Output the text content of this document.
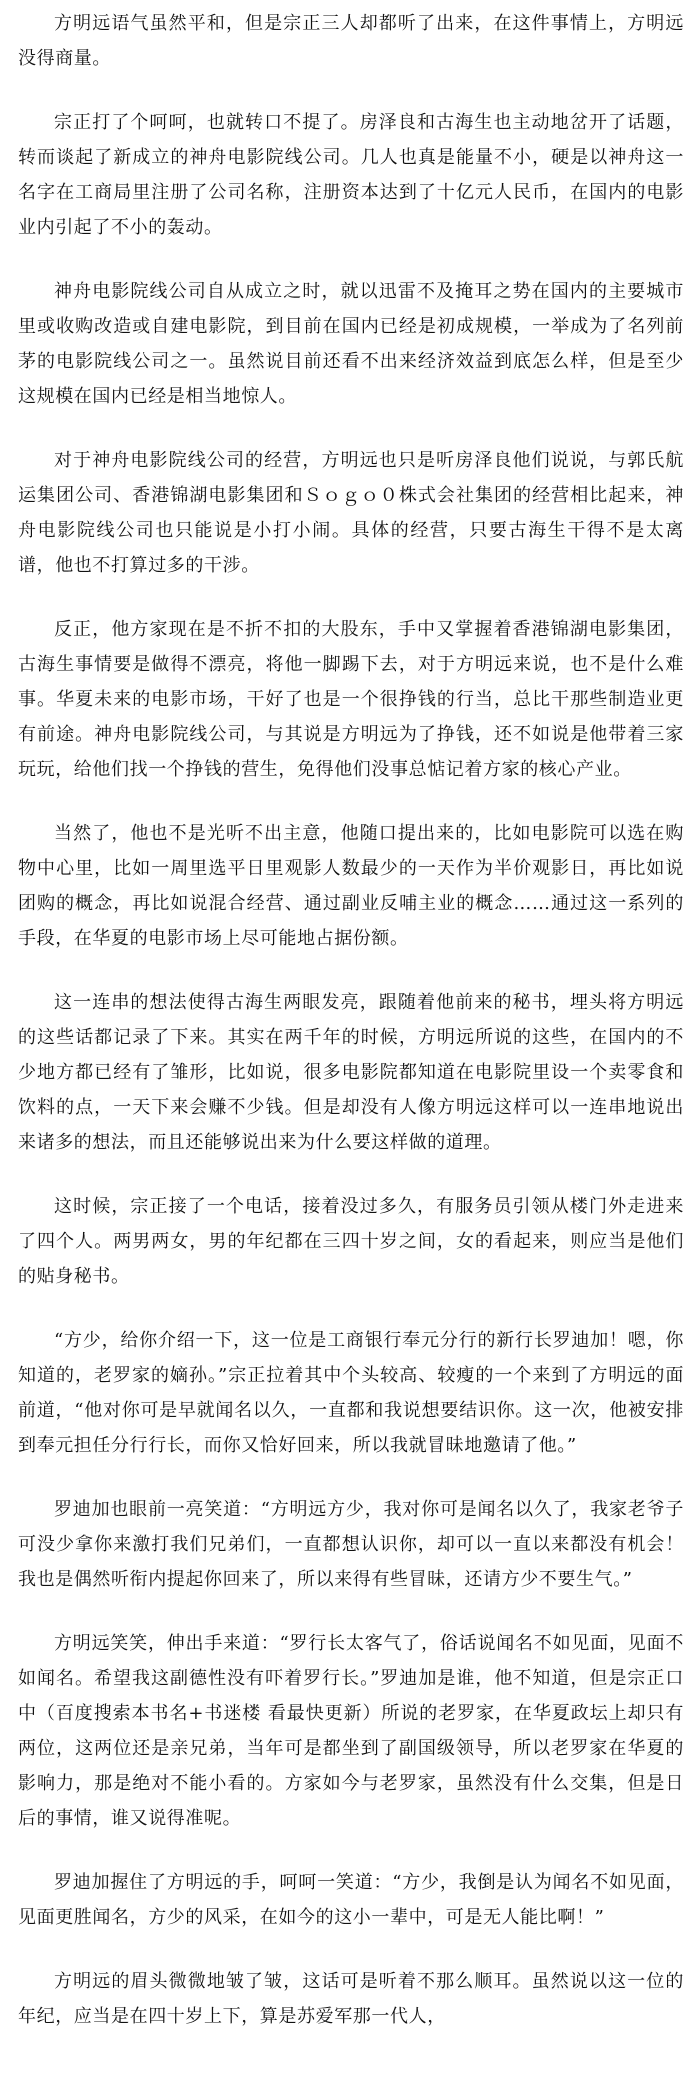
方明远语气虽然平和，但是宗正三人却都听了出来，在这件事情上，方明远没得商量。

宗正打了个呵呵，也就转口不提了。房泽良和古海生也主动地岔开了话题，转而谈起了新成立的神舟电影院线公司。几人也真是能量不小，硬是以神舟这一名字在工商局里注册了公司名称，注册资本达到了十亿元人民币，在国内的电影业内引起了不小的轰动。

神舟电影院线公司自从成立之时，就以迅雷不及掩耳之势在国内的主要城市里或收购改造或自建电影院，到目前在国内已经是初成规模，一举成为了名列前茅的电影院线公司之一。虽然说目前还看不出来经济效益到底怎么样，但是至少这规模在国内已经是相当地惊人。

对于神舟电影院线公司的经营，方明远也只是听房泽良他们说说，与郭氏航运集团公司、香港锦湖电影集团和Ｓｏｇｏ０株式会社集团的经营相比起来，神舟电影院线公司也只能说是小打小闹。具体的经营，只要古海生干得不是太离谱，他也不打算过多的干涉。

反正，他方家现在是不折不扣的大股东，手中又掌握着香港锦湖电影集团，古海生事情要是做得不漂亮，将他一脚踢下去，对于方明远来说，也不是什么难事。华夏未来的电影市场，干好了也是一个很挣钱的行当，总比干那些制造业更有前途。神舟电影院线公司，与其说是方明远为了挣钱，还不如说是他带着三家玩玩，给他们找一个挣钱的营生，免得他们没事总惦记着方家的核心产业。

当然了，他也不是光听不出主意，他随口提出来的，比如电影院可以选在购物中心里，比如一周里选平日里观影人数最少的一天作为半价观影日，再比如说团购的概念，再比如说混合经营、通过副业反哺主业的概念……通过这一系列的手段，在华夏的电影市场上尽可能地占据份额。

这一连串的想法使得古海生两眼发亮，跟随着他前来的秘书，埋头将方明远的这些话都记录了下来。其实在两千年的时候，方明远所说的这些，在国内的不少地方都已经有了雏形，比如说，很多电影院都知道在电影院里设一个卖零食和饮料的点，一天下来会赚不少钱。但是却没有人像方明远这样可以一连串地说出来诸多的想法，而且还能够说出来为什么要这样做的道理。

这时候，宗正接了一个电话，接着没过多久，有服务员引领从楼门外走进来了四个人。两男两女，男的年纪都在三四十岁之间，女的看起来，则应当是他们的贴身秘书。

“方少，给你介绍一下，这一位是工商银行奉元分行的新行长罗迪加！嗯，你知道的，老罗家的嫡孙。”宗正拉着其中个头较高、较瘦的一个来到了方明远的面前道，“他对你可是早就闻名以久，一直都和我说想要结识你。这一次，他被安排到奉元担任分行行长，而你又恰好回来，所以我就冒昧地邀请了他。”

罗迪加也眼前一亮笑道：“方明远方少，我对你可是闻名以久了，我家老爷子可没少拿你来激打我们兄弟们，一直都想认识你，却可以一直以来都没有机会！我也是偶然听衔内提起你回来了，所以来得有些冒昧，还请方少不要生气。”

方明远笑笑，伸出手来道：“罗行长太客气了，俗话说闻名不如见面，见面不如闻名。希望我这副德性没有吓着罗行长。”罗迪加是谁，他不知道，但是宗正口中（百度搜索本书名+书迷楼 看最快更新）所说的老罗家，在华夏政坛上却只有两位，这两位还是亲兄弟，当年可是都坐到了副国级领导，所以老罗家在华夏的影响力，那是绝对不能小看的。方家如今与老罗家，虽然没有什么交集，但是日后的事情，谁又说得准呢。

罗迪加握住了方明远的手，呵呵一笑道：“方少，我倒是认为闻名不如见面，见面更胜闻名，方少的风采，在如今的这小一辈中，可是无人能比啊！”

方明远的眉头微微地皱了皱，这话可是听着不那么顺耳。虽然说以这一位的年纪，应当是在四十岁上下，算是苏爱军那一代人，
